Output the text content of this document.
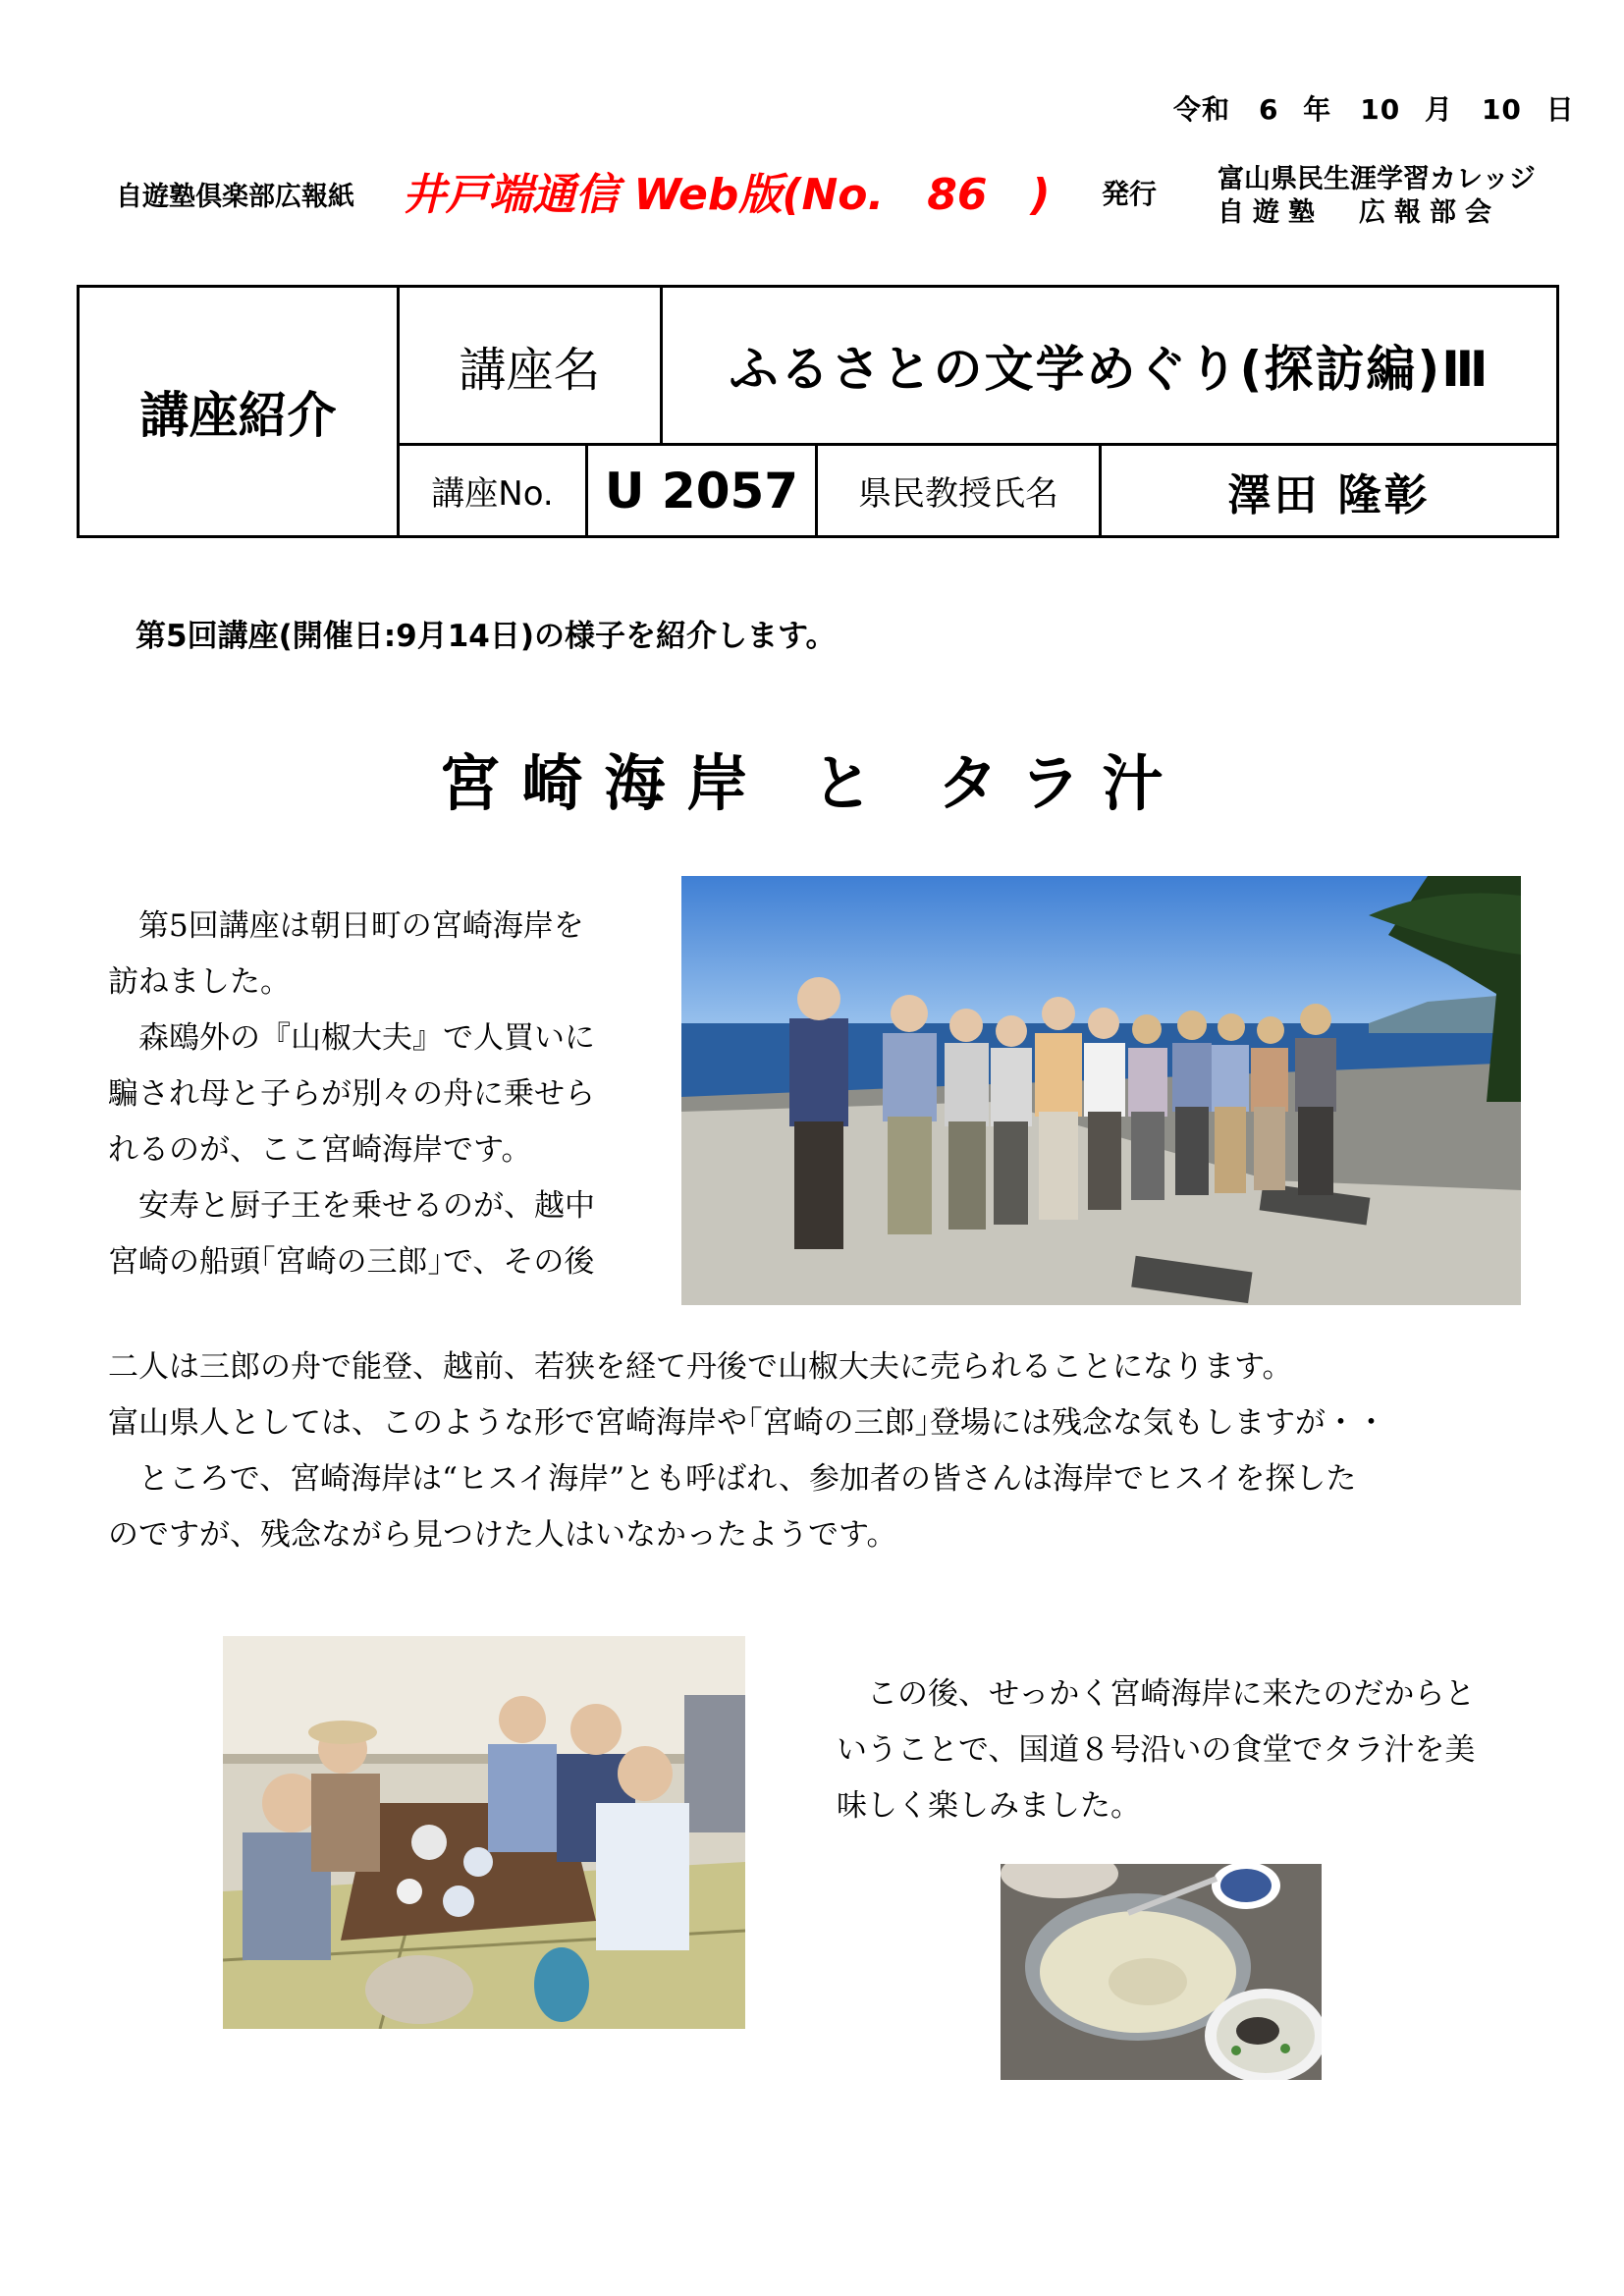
令和　6 年　10 月　10 日
自遊塾倶楽部広報紙 井戸端通信 Web版(No.　86　) 発行 富山県民生涯学習カレッジ
自遊塾　広報部会
講座紹介
講座名	ふるさとの文学めぐり(探訪編)Ⅲ
講座No.	U 2057	県民教授氏名	澤田 隆彰
第5回講座(開催日:9月14日)の様子を紹介します。
宮崎海岸 と タラ汁
　第5回講座は朝日町の宮崎海岸を
訪ねました。
　森鴎外の『山椒大夫』で人買いに
騙され母と子らが別々の舟に乗せら
れるのが、ここ宮崎海岸です。
　安寿と厨子王を乗せるのが、越中
宮崎の船頭｢宮崎の三郎｣で、その後
二人は三郎の舟で能登、越前、若狭を経て丹後で山椒大夫に売られることになります。
富山県人としては、このような形で宮崎海岸や｢宮崎の三郎｣登場には残念な気もしますが・・
　ところで、宮崎海岸は“ヒスイ海岸”とも呼ばれ、参加者の皆さんは海岸でヒスイを探した
のですが、残念ながら見つけた人はいなかったようです。
　この後、せっかく宮崎海岸に来たのだからと
いうことで、国道８号沿いの食堂でタラ汁を美
味しく楽しみました。
